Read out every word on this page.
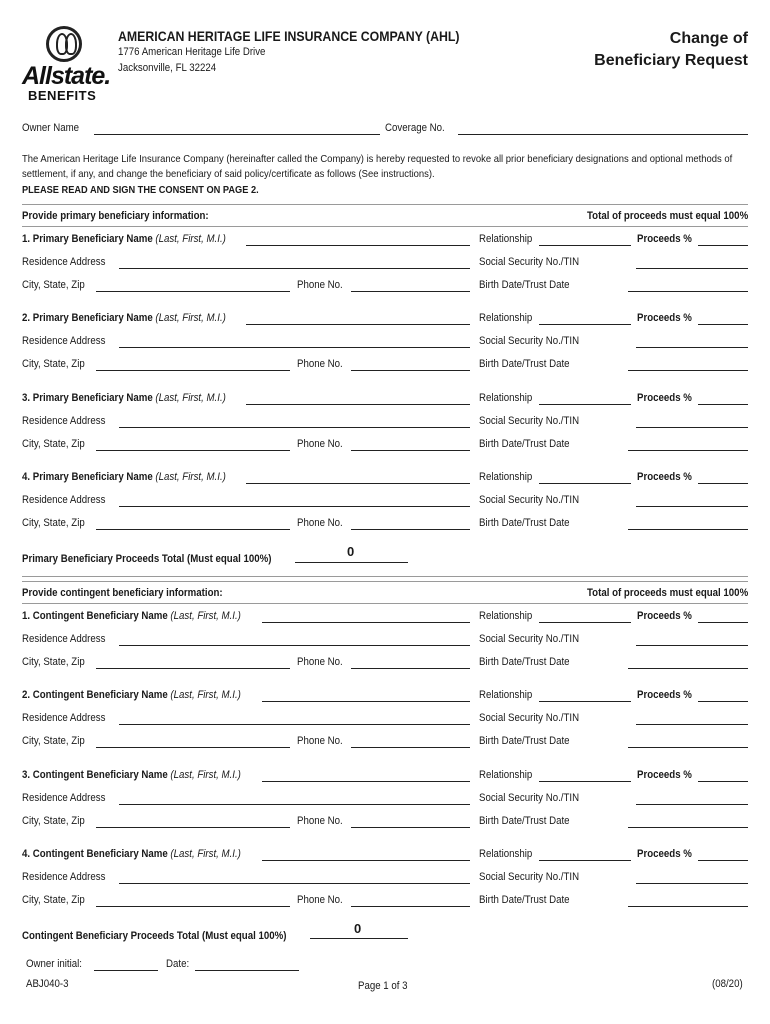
Allstate.
BENEFITS
AMERICAN HERITAGE LIFE INSURANCE COMPANY (AHL)
1776 American Heritage Life Drive
Jacksonville, FL 32224
Change of
Beneficiary Request
Owner Name	Coverage No.
The American Heritage Life Insurance Company (hereinafter called the Company) is hereby requested to revoke all prior beneficiary designations and optional methods of settlement, if any, and change the beneficiary of said policy/certificate as follows (See instructions).
PLEASE READ AND SIGN THE CONSENT ON PAGE 2.
Provide primary beneficiary information:	Total of proceeds must equal 100%
1. Primary Beneficiary Name (Last, First, M.I.)	Relationship	Proceeds %
Residence Address	Social Security No./TIN
City, State, Zip	Phone No.	Birth Date/Trust Date
2. Primary Beneficiary Name (Last, First, M.I.)	Relationship	Proceeds %
Residence Address	Social Security No./TIN
City, State, Zip	Phone No.	Birth Date/Trust Date
3. Primary Beneficiary Name (Last, First, M.I.)	Relationship	Proceeds %
Residence Address	Social Security No./TIN
City, State, Zip	Phone No.	Birth Date/Trust Date
4. Primary Beneficiary Name (Last, First, M.I.)	Relationship	Proceeds %
Residence Address	Social Security No./TIN
City, State, Zip	Phone No.	Birth Date/Trust Date
Primary Beneficiary Proceeds Total (Must equal 100%)
0
Provide contingent beneficiary information:	Total of proceeds must equal 100%
1. Contingent Beneficiary Name (Last, First, M.I.)	Relationship	Proceeds %
Residence Address	Social Security No./TIN
City, State, Zip	Phone No.	Birth Date/Trust Date
2. Contingent Beneficiary Name (Last, First, M.I.)	Relationship	Proceeds %
Residence Address	Social Security No./TIN
City, State, Zip	Phone No.	Birth Date/Trust Date
3. Contingent Beneficiary Name (Last, First, M.I.)	Relationship	Proceeds %
Residence Address	Social Security No./TIN
City, State, Zip	Phone No.	Birth Date/Trust Date
4. Contingent Beneficiary Name (Last, First, M.I.)	Relationship	Proceeds %
Residence Address	Social Security No./TIN
City, State, Zip	Phone No.	Birth Date/Trust Date
Contingent Beneficiary Proceeds Total (Must equal 100%)
0
Owner initial:	Date:
ABJ040-3	Page 1 of 3	(08/20)
